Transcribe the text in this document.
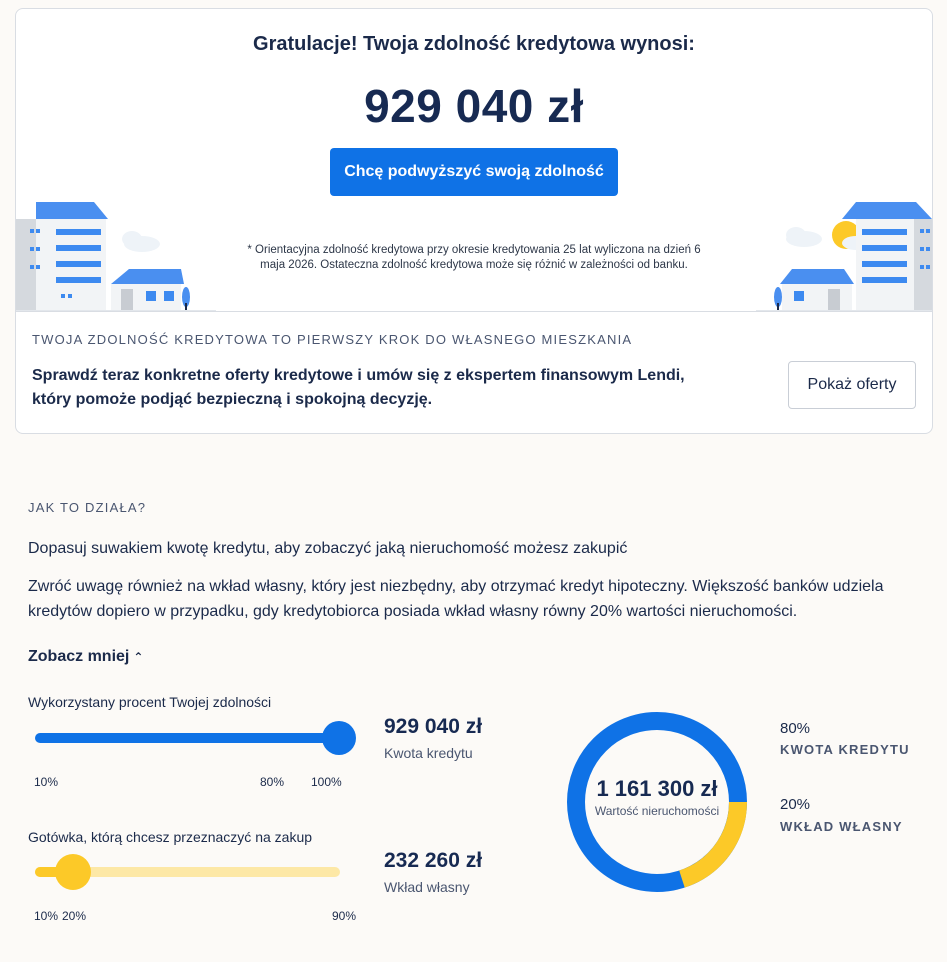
Gratulacje! Twoja zdolność kredytowa wynosi:
929 040 zł
Chcę podwyższyć swoją zdolność
* Orientacyjna zdolność kredytowa przy okresie kredytowania 25 lat wyliczona na dzień 6 maja 2026. Ostateczna zdolność kredytowa może się różnić w zależności od banku.
TWOJA ZDOLNOŚĆ KREDYTOWA TO PIERWSZY KROK DO WŁASNEGO MIESZKANIA
Sprawdź teraz konkretne oferty kredytowe i umów się z ekspertem finansowym Lendi, który pomoże podjąć bezpieczną i spokojną decyzję.
Pokaż oferty
JAK TO DZIAŁA?
Dopasuj suwakiem kwotę kredytu, aby zobaczyć jaką nieruchomość możesz zakupić
Zwróć uwagę również na wkład własny, który jest niezbędny, aby otrzymać kredyt hipoteczny. Większość banków udziela kredytów dopiero w przypadku, gdy kredytobiorca posiada wkład własny równy 20% wartości nieruchomości.
Zobacz mniej ⌃
Wykorzystany procent Twojej zdolności
10%	80% 100%
929 040 zł
Kwota kredytu
Gotówka, którą chcesz przeznaczyć na zakup
10% 20%	90%
232 260 zł
Wkład własny
1 161 300 zł
Wartość nieruchomości
80%
KWOTA KREDYTU
20%
WKŁAD WŁASNY
